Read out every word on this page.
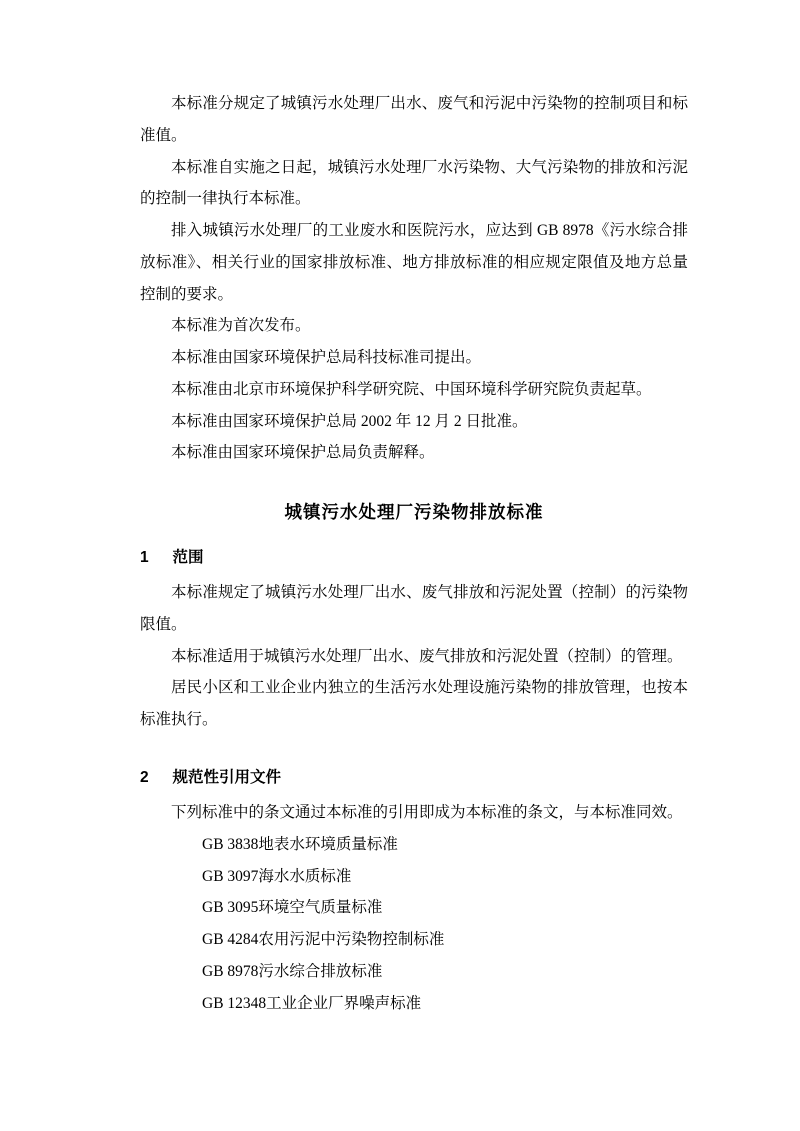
本标准分规定了城镇污水处理厂出水、废气和污泥中污染物的控制项目和标准值。

本标准自实施之日起，城镇污水处理厂水污染物、大气污染物的排放和污泥的控制一律执行本标准。

排入城镇污水处理厂的工业废水和医院污水，应达到 GB 8978《污水综合排放标准》、相关行业的国家排放标准、地方排放标准的相应规定限值及地方总量控制的要求。

本标准为首次发布。

本标准由国家环境保护总局科技标准司提出。

本标准由北京市环境保护科学研究院、中国环境科学研究院负责起草。

本标准由国家环境保护总局 2002 年 12 月 2 日批准。

本标准由国家环境保护总局负责解释。

城镇污水处理厂污染物排放标准
1 范围

本标准规定了城镇污水处理厂出水、废气排放和污泥处置（控制）的污染物限值。

本标准适用于城镇污水处理厂出水、废气排放和污泥处置（控制）的管理。

居民小区和工业企业内独立的生活污水处理设施污染物的排放管理，也按本标准执行。

2 规范性引用文件

下列标准中的条文通过本标准的引用即成为本标准的条文，与本标准同效。

GB 3838地表水环境质量标准
GB 3097海水水质标准
GB 3095环境空气质量标准
GB 4284农用污泥中污染物控制标准
GB 8978污水综合排放标准
GB 12348工业企业厂界噪声标准
